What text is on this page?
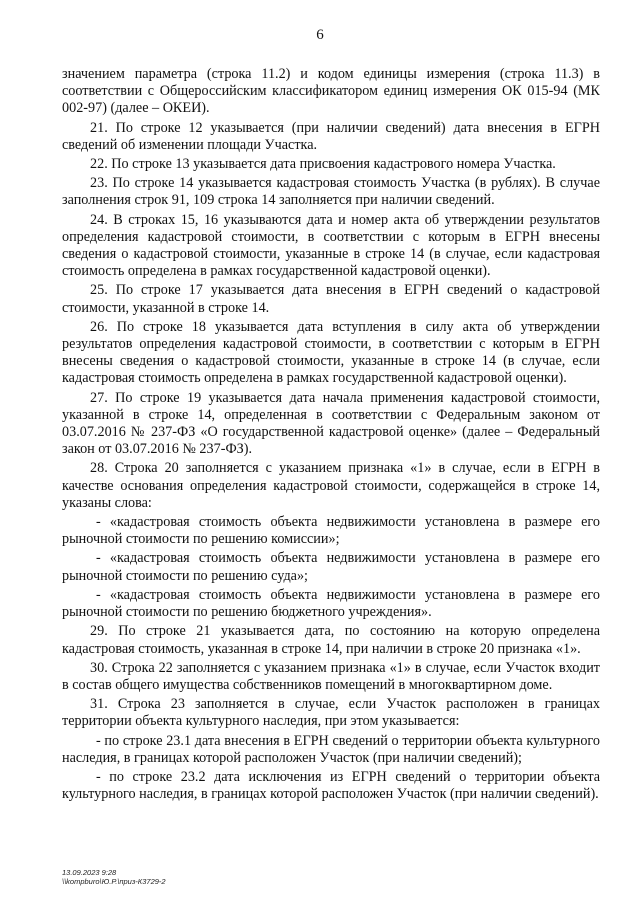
6

значением параметра (строка 11.2) и кодом единицы измерения (строка 11.3) в соответствии с Общероссийским классификатором единиц измерения ОК 015-94 (МК 002-97) (далее – ОКЕИ).

21. По строке 12 указывается (при наличии сведений) дата внесения в ЕГРН сведений об изменении площади Участка.

22. По строке 13 указывается дата присвоения кадастрового номера Участка.

23. По строке 14 указывается кадастровая стоимость Участка (в рублях). В случае заполнения строк 91, 109 строка 14 заполняется при наличии сведений.

24. В строках 15, 16 указываются дата и номер акта об утверждении результатов определения кадастровой стоимости, в соответствии с которым в ЕГРН внесены сведения о кадастровой стоимости, указанные в строке 14 (в случае, если кадастровая стоимость определена в рамках государственной кадастровой оценки).

25. По строке 17 указывается дата внесения в ЕГРН сведений о кадастровой стоимости, указанной в строке 14.

26. По строке 18 указывается дата вступления в силу акта об утверждении результатов определения кадастровой стоимости, в соответствии с которым в ЕГРН внесены сведения о кадастровой стоимости, указанные в строке 14 (в случае, если кадастровая стоимость определена в рамках государственной кадастровой оценки).

27. По строке 19 указывается дата начала применения кадастровой стоимости, указанной в строке 14, определенная в соответствии с Федеральным законом от 03.07.2016 № 237-ФЗ «О государственной кадастровой оценке» (далее – Федеральный закон от 03.07.2016 № 237-ФЗ).

28. Строка 20 заполняется с указанием признака «1» в случае, если в ЕГРН в качестве основания определения кадастровой стоимости, содержащейся в строке 14, указаны слова:

- «кадастровая стоимость объекта недвижимости установлена в размере его рыночной стоимости по решению комиссии»;

- «кадастровая стоимость объекта недвижимости установлена в размере его рыночной стоимости по решению суда»;

- «кадастровая стоимость объекта недвижимости установлена в размере его рыночной стоимости по решению бюджетного учреждения».

29. По строке 21 указывается дата, по состоянию на которую определена кадастровая стоимость, указанная в строке 14, при наличии в строке 20 признака «1».

30. Строка 22 заполняется с указанием признака «1» в случае, если Участок входит в состав общего имущества собственников помещений в многоквартирном доме.

31. Строка 23 заполняется в случае, если Участок расположен в границах территории объекта культурного наследия, при этом указывается:

- по строке 23.1 дата внесения в ЕГРН сведений о территории объекта культурного наследия, в границах которой расположен Участок (при наличии сведений);

- по строке 23.2 дата исключения из ЕГРН сведений о территории объекта культурного наследия, в границах которой расположен Участок (при наличии сведений).

13.09.2023 9:28
\\kompburo\Ю.Р.\приз-К3729-2
